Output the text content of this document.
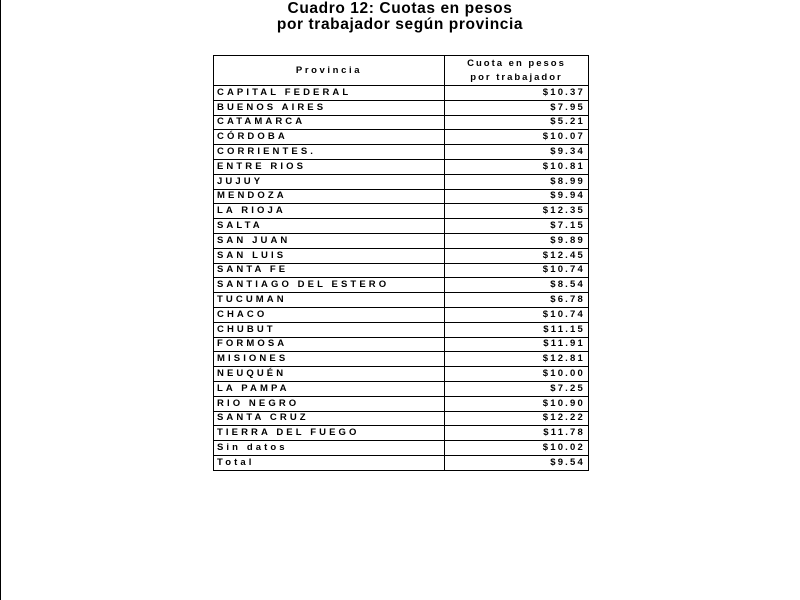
Cuadro 12: Cuotas en pesos
por trabajador según provincia
Provincia	Cuota en pesos
por trabajador

CAPITAL FEDERAL	$10.37
BUENOS AIRES	$7.95
CATAMARCA	$5.21
CÓRDOBA	$10.07
CORRIENTES.	$9.34
ENTRE RIOS	$10.81
JUJUY	$8.99
MENDOZA	$9.94
LA RIOJA	$12.35
SALTA	$7.15
SAN JUAN	$9.89
SAN LUIS	$12.45
SANTA FE	$10.74
SANTIAGO DEL ESTERO	$8.54
TUCUMAN	$6.78
CHACO	$10.74
CHUBUT	$11.15
FORMOSA	$11.91
MISIONES	$12.81
NEUQUÉN	$10.00
LA PAMPA	$7.25
RIO NEGRO	$10.90
SANTA CRUZ	$12.22
TIERRA DEL FUEGO	$11.78
Sin datos	$10.02
Total	$9.54
